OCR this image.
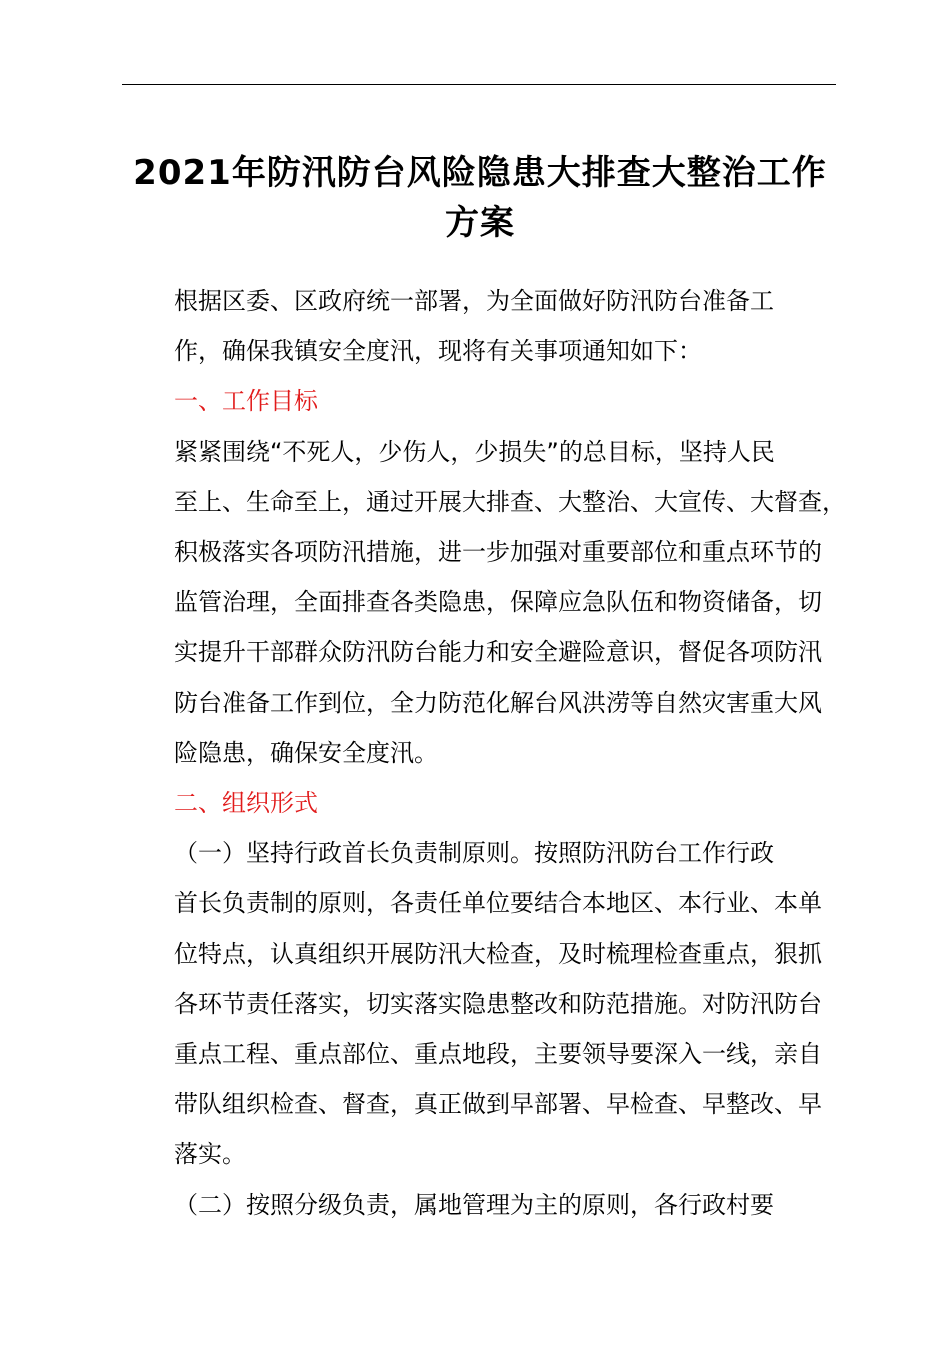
2021年防汛防台风险隐患大排查大整治工作
方案

根据区委、区政府统一部署，为全面做好防汛防台准备工
作，确保我镇安全度汛，现将有关事项通知如下：

一、工作目标

紧紧围绕“不死人，少伤人，少损失”的总目标，坚持人民
至上、生命至上，通过开展大排查、大整治、大宣传、大督查，
积极落实各项防汛措施，进一步加强对重要部位和重点环节的
监管治理，全面排查各类隐患，保障应急队伍和物资储备，切
实提升干部群众防汛防台能力和安全避险意识，督促各项防汛
防台准备工作到位，全力防范化解台风洪涝等自然灾害重大风
险隐患，确保安全度汛。

二、组织形式

（一）坚持行政首长负责制原则。按照防汛防台工作行政
首长负责制的原则，各责任单位要结合本地区、本行业、本单
位特点，认真组织开展防汛大检查，及时梳理检查重点，狠抓
各环节责任落实，切实落实隐患整改和防范措施。对防汛防台
重点工程、重点部位、重点地段，主要领导要深入一线，亲自
带队组织检查、督查，真正做到早部署、早检查、早整改、早
落实。

（二）按照分级负责，属地管理为主的原则，各行政村要
